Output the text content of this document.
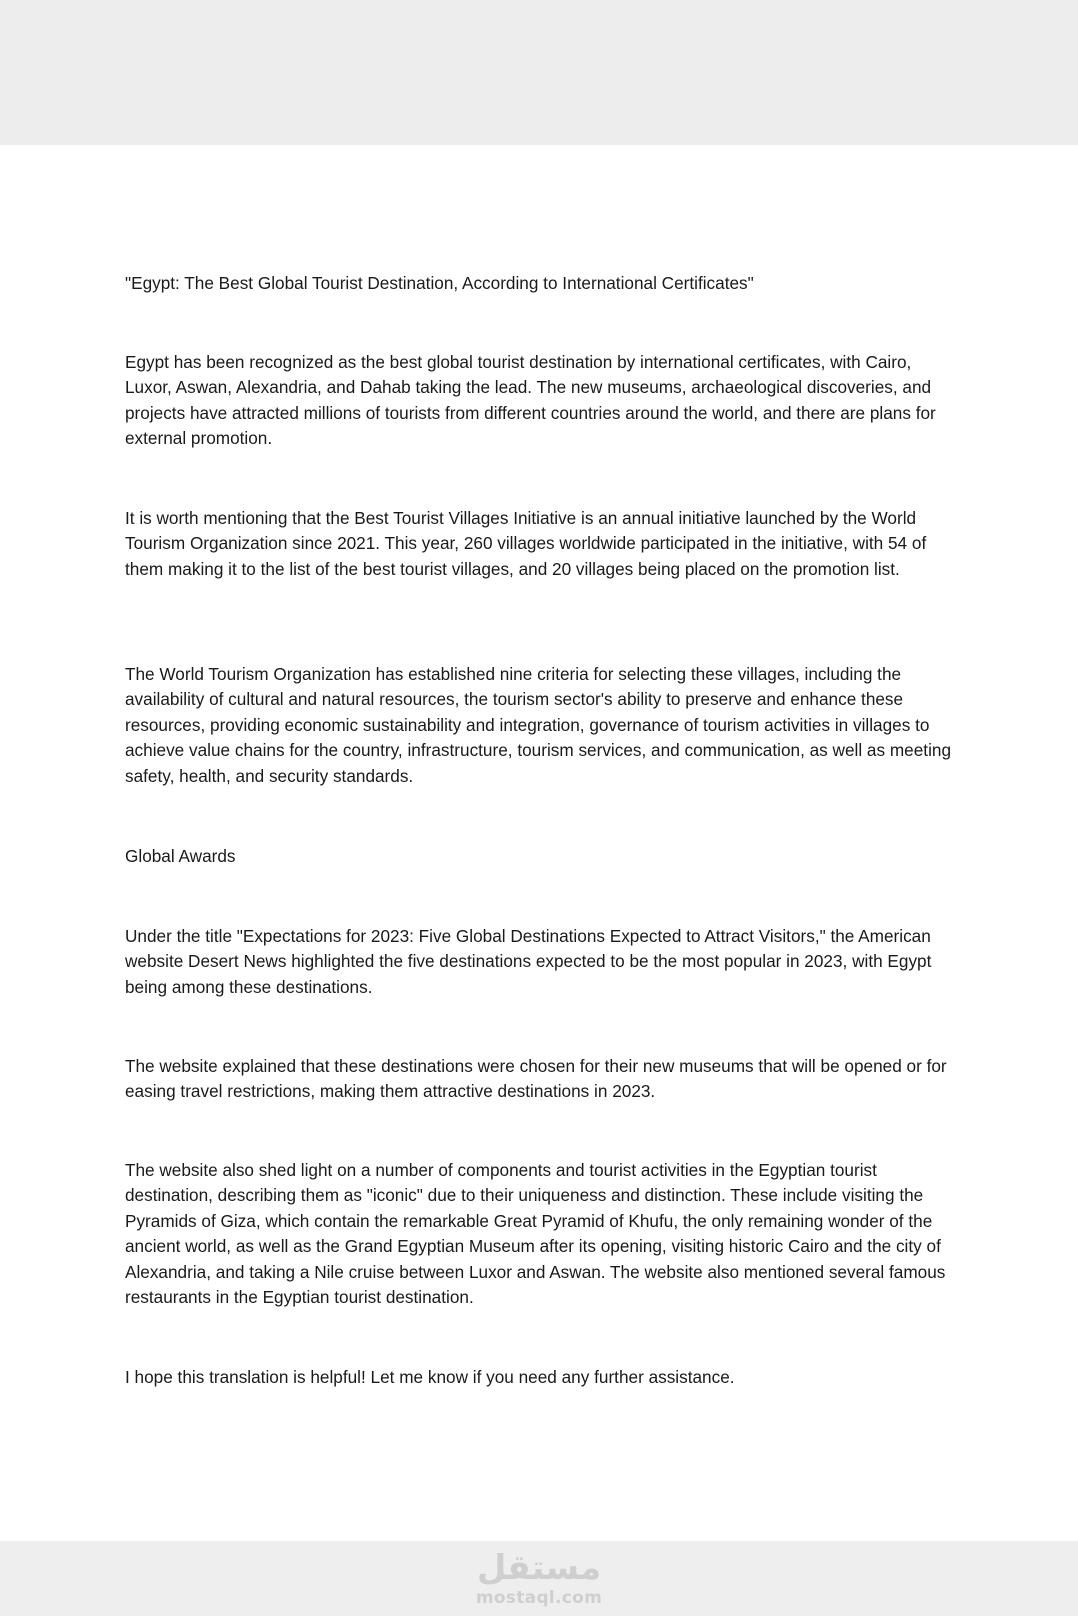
"Egypt: The Best Global Tourist Destination, According to International Certificates"

Egypt has been recognized as the best global tourist destination by international certificates, with Cairo, Luxor, Aswan, Alexandria, and Dahab taking the lead. The new museums, archaeological discoveries, and projects have attracted millions of tourists from different countries around the world, and there are plans for external promotion.

It is worth mentioning that the Best Tourist Villages Initiative is an annual initiative launched by the World Tourism Organization since 2021. This year, 260 villages worldwide participated in the initiative, with 54 of them making it to the list of the best tourist villages, and 20 villages being placed on the promotion list.

The World Tourism Organization has established nine criteria for selecting these villages, including the availability of cultural and natural resources, the tourism sector's ability to preserve and enhance these resources, providing economic sustainability and integration, governance of tourism activities in villages to achieve value chains for the country, infrastructure, tourism services, and communication, as well as meeting safety, health, and security standards.

Global Awards

Under the title "Expectations for 2023: Five Global Destinations Expected to Attract Visitors," the American website Desert News highlighted the five destinations expected to be the most popular in 2023, with Egypt being among these destinations.

The website explained that these destinations were chosen for their new museums that will be opened or for easing travel restrictions, making them attractive destinations in 2023.

The website also shed light on a number of components and tourist activities in the Egyptian tourist destination, describing them as "iconic" due to their uniqueness and distinction. These include visiting the Pyramids of Giza, which contain the remarkable Great Pyramid of Khufu, the only remaining wonder of the ancient world, as well as the Grand Egyptian Museum after its opening, visiting historic Cairo and the city of Alexandria, and taking a Nile cruise between Luxor and Aswan. The website also mentioned several famous restaurants in the Egyptian tourist destination.

I hope this translation is helpful! Let me know if you need any further assistance.

مستقل
mostaql.com
